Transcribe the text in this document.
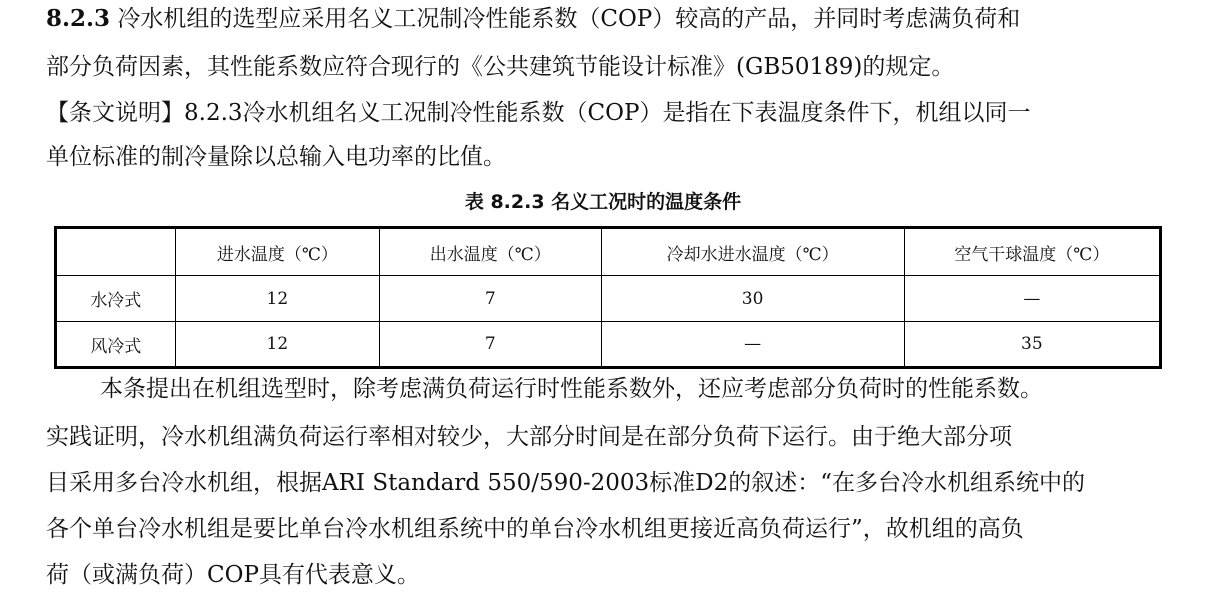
8.2.3 冷水机组的选型应采用名义工况制冷性能系数（COP）较高的产品，并同时考虑满负荷和
部分负荷因素，其性能系数应符合现行的《公共建筑节能设计标准》(GB50189)的规定。
【条文说明】8.2.3冷水机组名义工况制冷性能系数（COP）是指在下表温度条件下，机组以同一
单位标准的制冷量除以总输入电功率的比值。
表 8.2.3 名义工况时的温度条件
	进水温度（℃）	出水温度（℃）	冷却水进水温度（℃）	空气干球温度（℃）
水冷式	12	7	30	—
风冷式	12	7	—	35
本条提出在机组选型时，除考虑满负荷运行时性能系数外，还应考虑部分负荷时的性能系数。
实践证明，冷水机组满负荷运行率相对较少，大部分时间是在部分负荷下运行。由于绝大部分项
目采用多台冷水机组，根据ARI Standard 550/590-2003标准D2的叙述：“在多台冷水机组系统中的
各个单台冷水机组是要比单台冷水机组系统中的单台冷水机组更接近高负荷运行”，故机组的高负
荷（或满负荷）COP具有代表意义。
